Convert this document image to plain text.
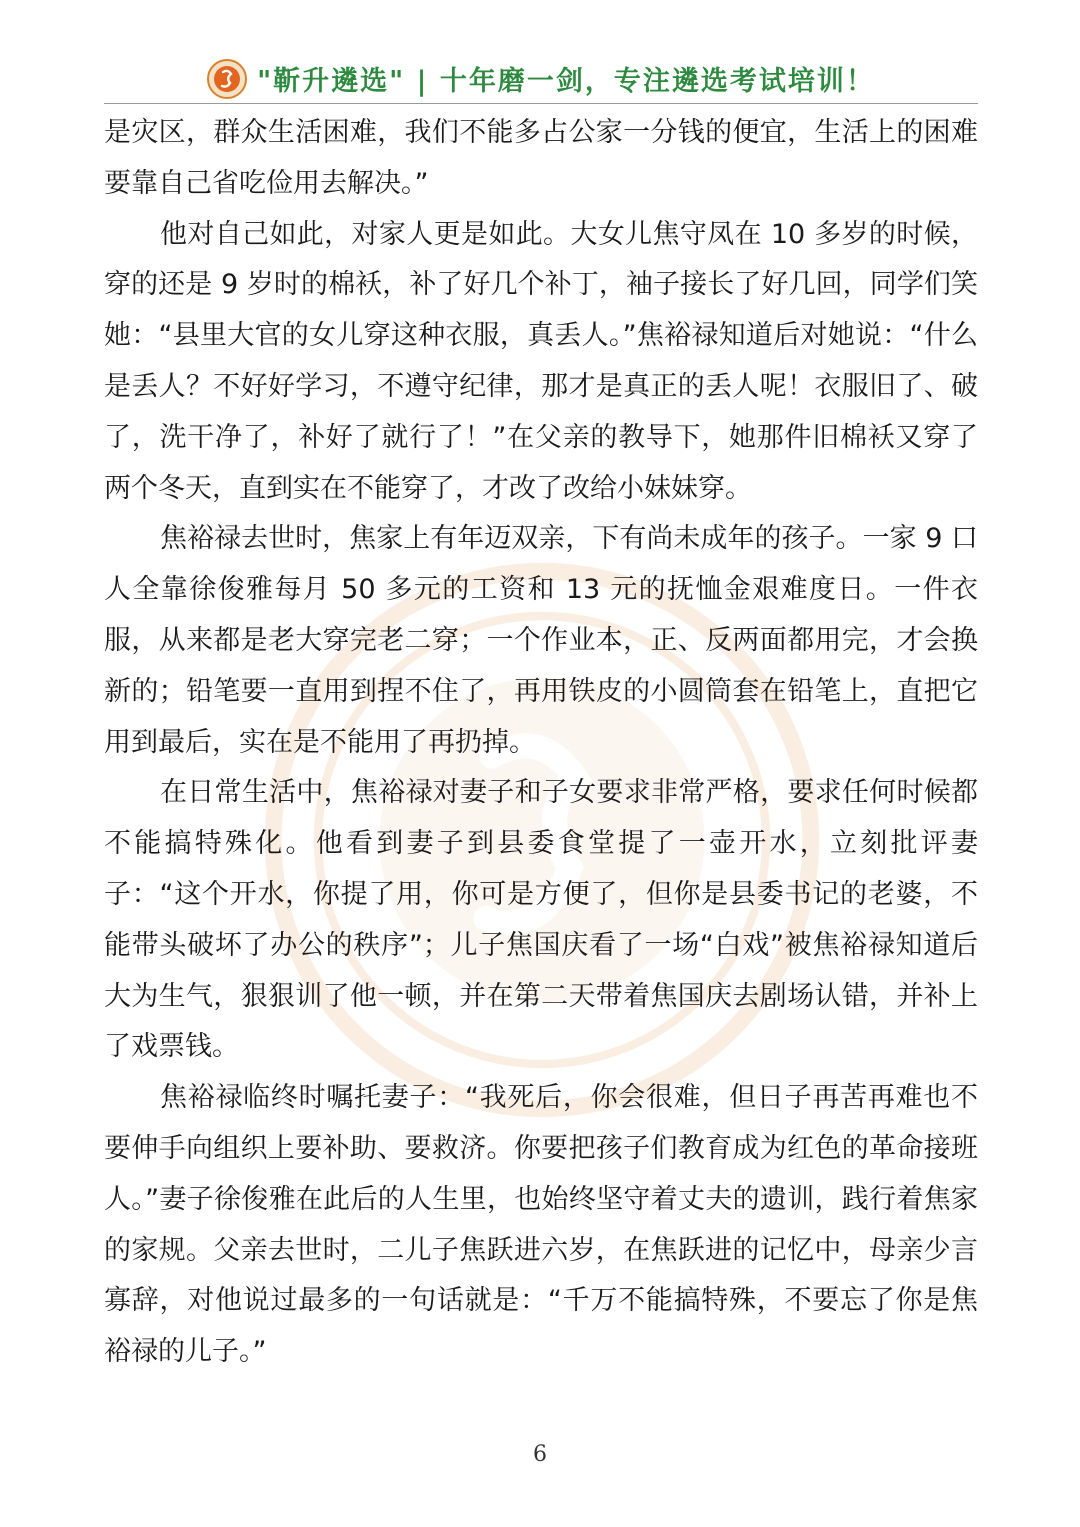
"靳升遴选" | 十年磨一剑，专注遴选考试培训！

是灾区，群众生活困难，我们不能多占公家一分钱的便宜，生活上的困难要靠自己省吃俭用去解决。”

他对自己如此，对家人更是如此。大女儿焦守凤在 10 多岁的时候，穿的还是 9 岁时的棉袄，补了好几个补丁，袖子接长了好几回，同学们笑她：“县里大官的女儿穿这种衣服，真丢人。”焦裕禄知道后对她说：“什么是丢人？不好好学习，不遵守纪律，那才是真正的丢人呢！衣服旧了、破了，洗干净了，补好了就行了！”在父亲的教导下，她那件旧棉袄又穿了两个冬天，直到实在不能穿了，才改了改给小妹妹穿。

焦裕禄去世时，焦家上有年迈双亲，下有尚未成年的孩子。一家 9 口人全靠徐俊雅每月 50 多元的工资和 13 元的抚恤金艰难度日。一件衣服，从来都是老大穿完老二穿；一个作业本，正、反两面都用完，才会换新的；铅笔要一直用到捏不住了，再用铁皮的小圆筒套在铅笔上，直把它用到最后，实在是不能用了再扔掉。

在日常生活中，焦裕禄对妻子和子女要求非常严格，要求任何时候都不能搞特殊化。他看到妻子到县委食堂提了一壶开水，立刻批评妻子：“这个开水，你提了用，你可是方便了，但你是县委书记的老婆，不能带头破坏了办公的秩序”；儿子焦国庆看了一场“白戏”被焦裕禄知道后大为生气，狠狠训了他一顿，并在第二天带着焦国庆去剧场认错，并补上了戏票钱。

焦裕禄临终时嘱托妻子：“我死后，你会很难，但日子再苦再难也不要伸手向组织上要补助、要救济。你要把孩子们教育成为红色的革命接班人。”妻子徐俊雅在此后的人生里，也始终坚守着丈夫的遗训，践行着焦家的家规。父亲去世时，二儿子焦跃进六岁，在焦跃进的记忆中，母亲少言寡辞，对他说过最多的一句话就是：“千万不能搞特殊，不要忘了你是焦裕禄的儿子。”

6
